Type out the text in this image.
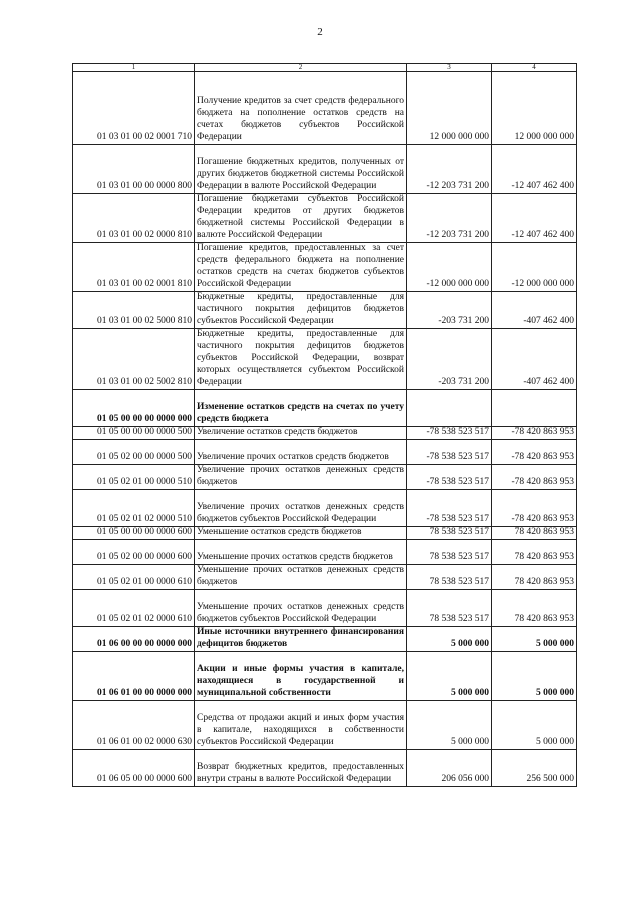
2
1	2	3	4
01 03 01 00 02 0001 710	Получение кредитов за счет средств федерального бюджета на пополнение остатков средств на счетах бюджетов субъектов Российской Федерации	12 000 000 000	12 000 000 000
01 03 01 00 00 0000 800	Погашение бюджетных кредитов, полученных от других бюджетов бюджетной системы Российской Федерации в валюте Российской Федерации	-12 203 731 200	-12 407 462 400
01 03 01 00 02 0000 810	Погашение бюджетами субъектов Российской Федерации кредитов от других бюджетов бюджетной системы Российской Федерации в валюте Российской Федерации	-12 203 731 200	-12 407 462 400
01 03 01 00 02 0001 810	Погашение кредитов, предоставленных за счет средств федерального бюджета на пополнение остатков средств на счетах бюджетов субъектов Российской Федерации	-12 000 000 000	-12 000 000 000
01 03 01 00 02 5000 810	Бюджетные кредиты, предоставленные для частичного покрытия дефицитов бюджетов субъектов Российской Федерации	-203 731 200	-407 462 400
01 03 01 00 02 5002 810	Бюджетные кредиты, предоставленные для частичного покрытия дефицитов бюджетов субъектов Российской Федерации, возврат которых осуществляется субъектом Российской Федерации	-203 731 200	-407 462 400
01 05 00 00 00 0000 000	Изменение остатков средств на счетах по учету средств бюджета		
01 05 00 00 00 0000 500	Увеличение остатков средств бюджетов	-78 538 523 517	-78 420 863 953
01 05 02 00 00 0000 500	Увеличение прочих остатков средств бюджетов	-78 538 523 517	-78 420 863 953
01 05 02 01 00 0000 510	Увеличение прочих остатков денежных средств бюджетов	-78 538 523 517	-78 420 863 953
01 05 02 01 02 0000 510	Увеличение прочих остатков денежных средств бюджетов субъектов Российской Федерации	-78 538 523 517	-78 420 863 953
01 05 00 00 00 0000 600	Уменьшение остатков средств бюджетов	78 538 523 517	78 420 863 953
01 05 02 00 00 0000 600	Уменьшение прочих остатков средств бюджетов	78 538 523 517	78 420 863 953
01 05 02 01 00 0000 610	Уменьшение прочих остатков денежных средств бюджетов	78 538 523 517	78 420 863 953
01 05 02 01 02 0000 610	Уменьшение прочих остатков денежных средств бюджетов субъектов Российской Федерации	78 538 523 517	78 420 863 953
01 06 00 00 00 0000 000	Иные источники внутреннего финансирования дефицитов бюджетов	5 000 000	5 000 000
01 06 01 00 00 0000 000	Акции и иные формы участия в капитале, находящиеся в государственной и муниципальной собственности	5 000 000	5 000 000
01 06 01 00 02 0000 630	Средства от продажи акций и иных форм участия в капитале, находящихся в собственности субъектов Российской Федерации	5 000 000	5 000 000
01 06 05 00 00 0000 600	Возврат бюджетных кредитов, предоставленных внутри страны в валюте Российской Федерации	206 056 000	256 500 000
